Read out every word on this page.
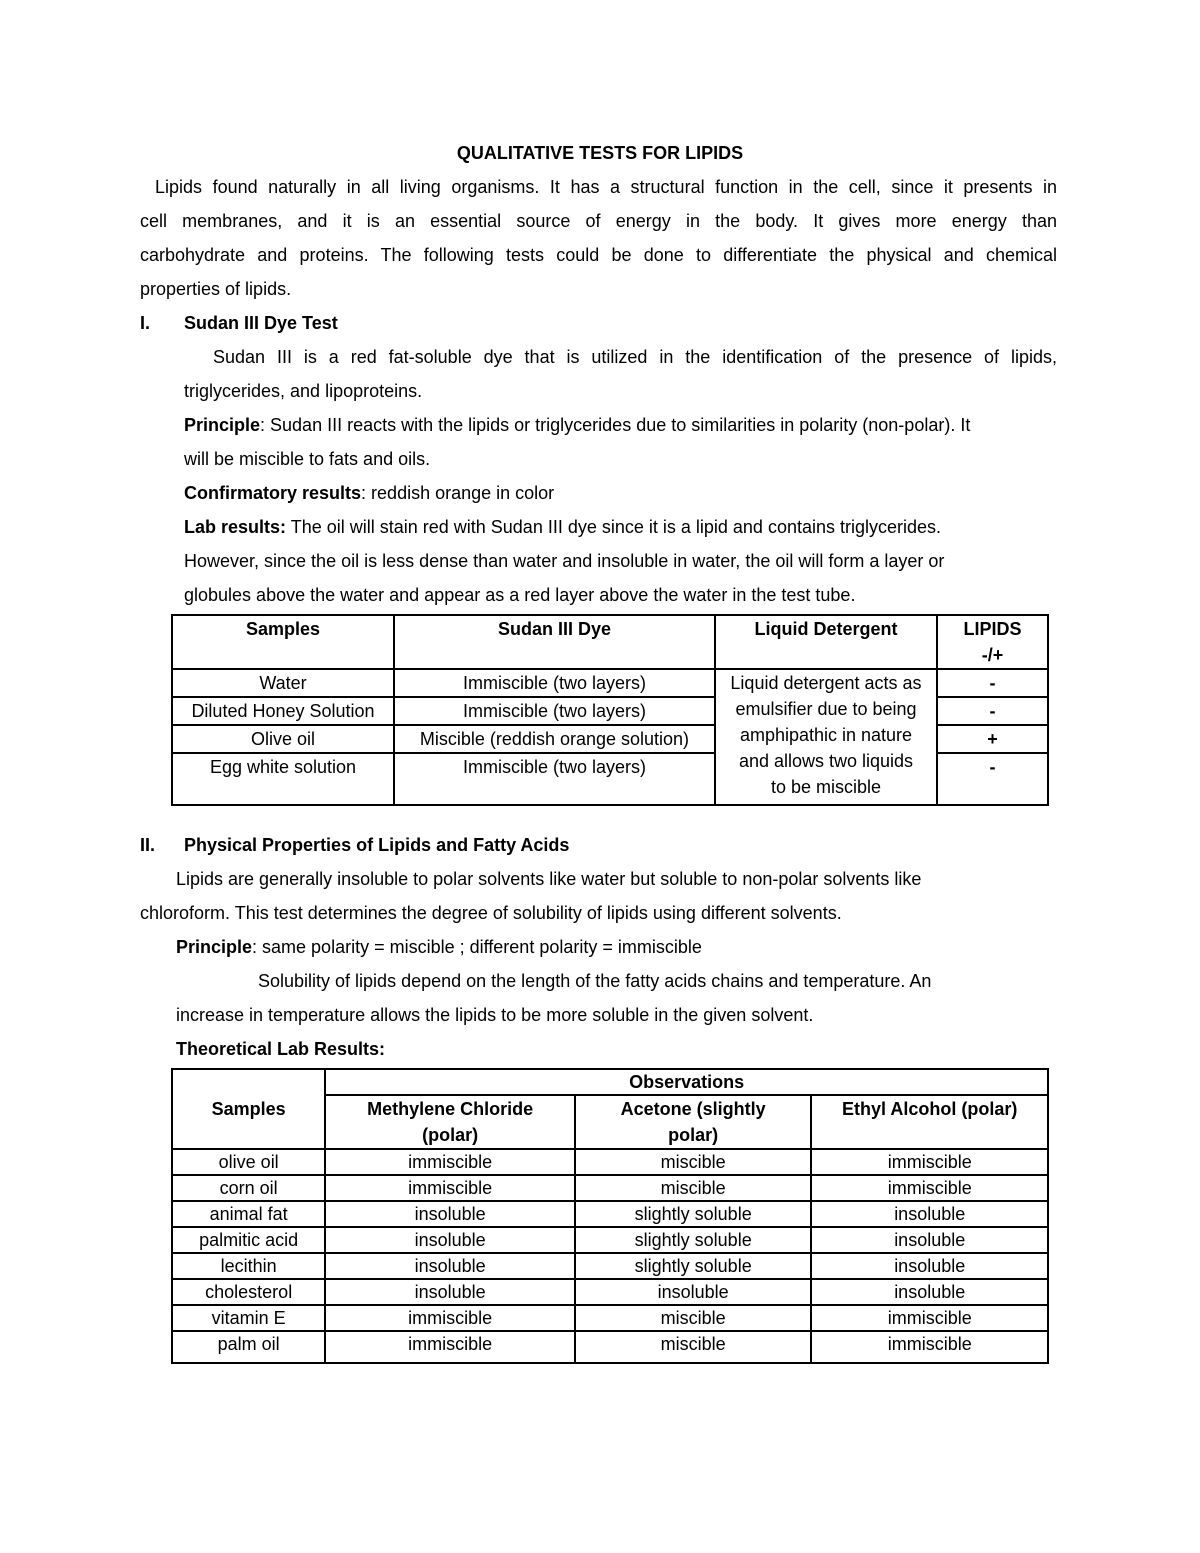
QUALITATIVE TESTS FOR LIPIDS
Lipids found naturally in all living organisms. It has a structural function in the cell, since it presents in
cell membranes, and it is an essential source of energy in the body. It gives more energy than
carbohydrate and proteins. The following tests could be done to differentiate the physical and chemical
properties of lipids.
I. Sudan III Dye Test
Sudan III is a red fat-soluble dye that is utilized in the identification of the presence of lipids,
triglycerides, and lipoproteins.
Principle: Sudan III reacts with the lipids or triglycerides due to similarities in polarity (non-polar). It
will be miscible to fats and oils.
Confirmatory results: reddish orange in color
Lab results: The oil will stain red with Sudan III dye since it is a lipid and contains triglycerides.
However, since the oil is less dense than water and insoluble in water, the oil will form a layer or
globules above the water and appear as a red layer above the water in the test tube.
Samples	Sudan III Dye	Liquid Detergent	LIPIDS -/+
Water	Immiscible (two layers)	Liquid detergent acts as emulsifier due to being amphipathic in nature and allows two liquids to be miscible	-
Diluted Honey Solution	Immiscible (two layers)		-
Olive oil	Miscible (reddish orange solution)		+
Egg white solution	Immiscible (two layers)		-
II. Physical Properties of Lipids and Fatty Acids
Lipids are generally insoluble to polar solvents like water but soluble to non-polar solvents like
chloroform. This test determines the degree of solubility of lipids using different solvents.
Principle: same polarity = miscible ; different polarity = immiscible
Solubility of lipids depend on the length of the fatty acids chains and temperature. An
increase in temperature allows the lipids to be more soluble in the given solvent.
Theoretical Lab Results:
Samples	Observations		
	Methylene Chloride (polar)	Acetone (slightly polar)	Ethyl Alcohol (polar)
olive oil	immiscible	miscible	immiscible
corn oil	immiscible	miscible	immiscible
animal fat	insoluble	slightly soluble	insoluble
palmitic acid	insoluble	slightly soluble	insoluble
lecithin	insoluble	slightly soluble	insoluble
cholesterol	insoluble	insoluble	insoluble
vitamin E	immiscible	miscible	immiscible
palm oil	immiscible	miscible	immiscible
